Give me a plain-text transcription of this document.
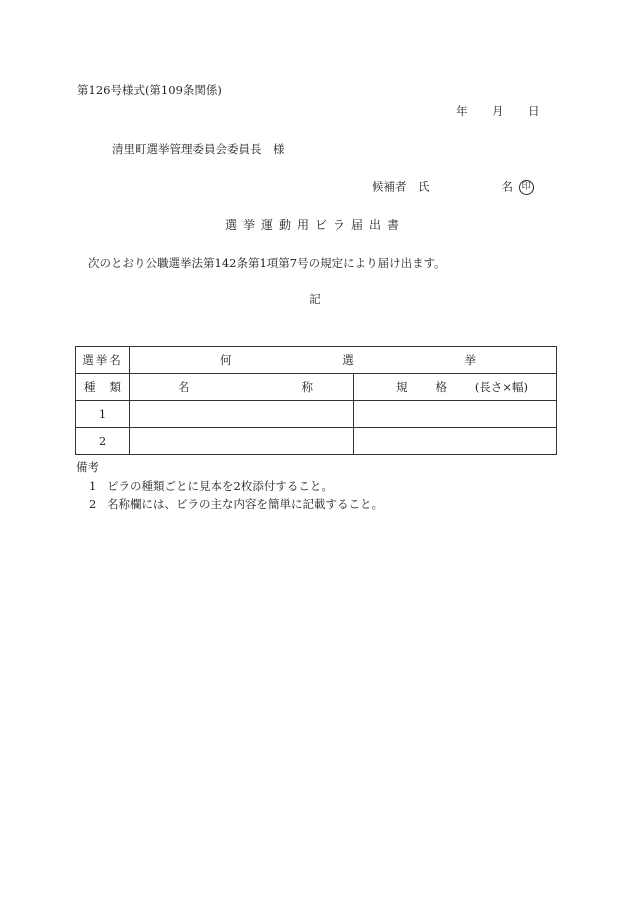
第126号様式(第109条関係)
年 月 日
清里町選挙管理委員会委員長　様
候補者　氏	名 印
選挙運動用ビラ届出書
次のとおり公職選挙法第142条第1項第7号の規定により届け出ます。
記
選挙名	何 選 挙	

種 類	名 称	規 格 (長さ×幅)

1		
2		
備考
1 ビラの種類ごとに見本を2枚添付すること。
2 名称欄には、ビラの主な内容を簡単に記載すること。
